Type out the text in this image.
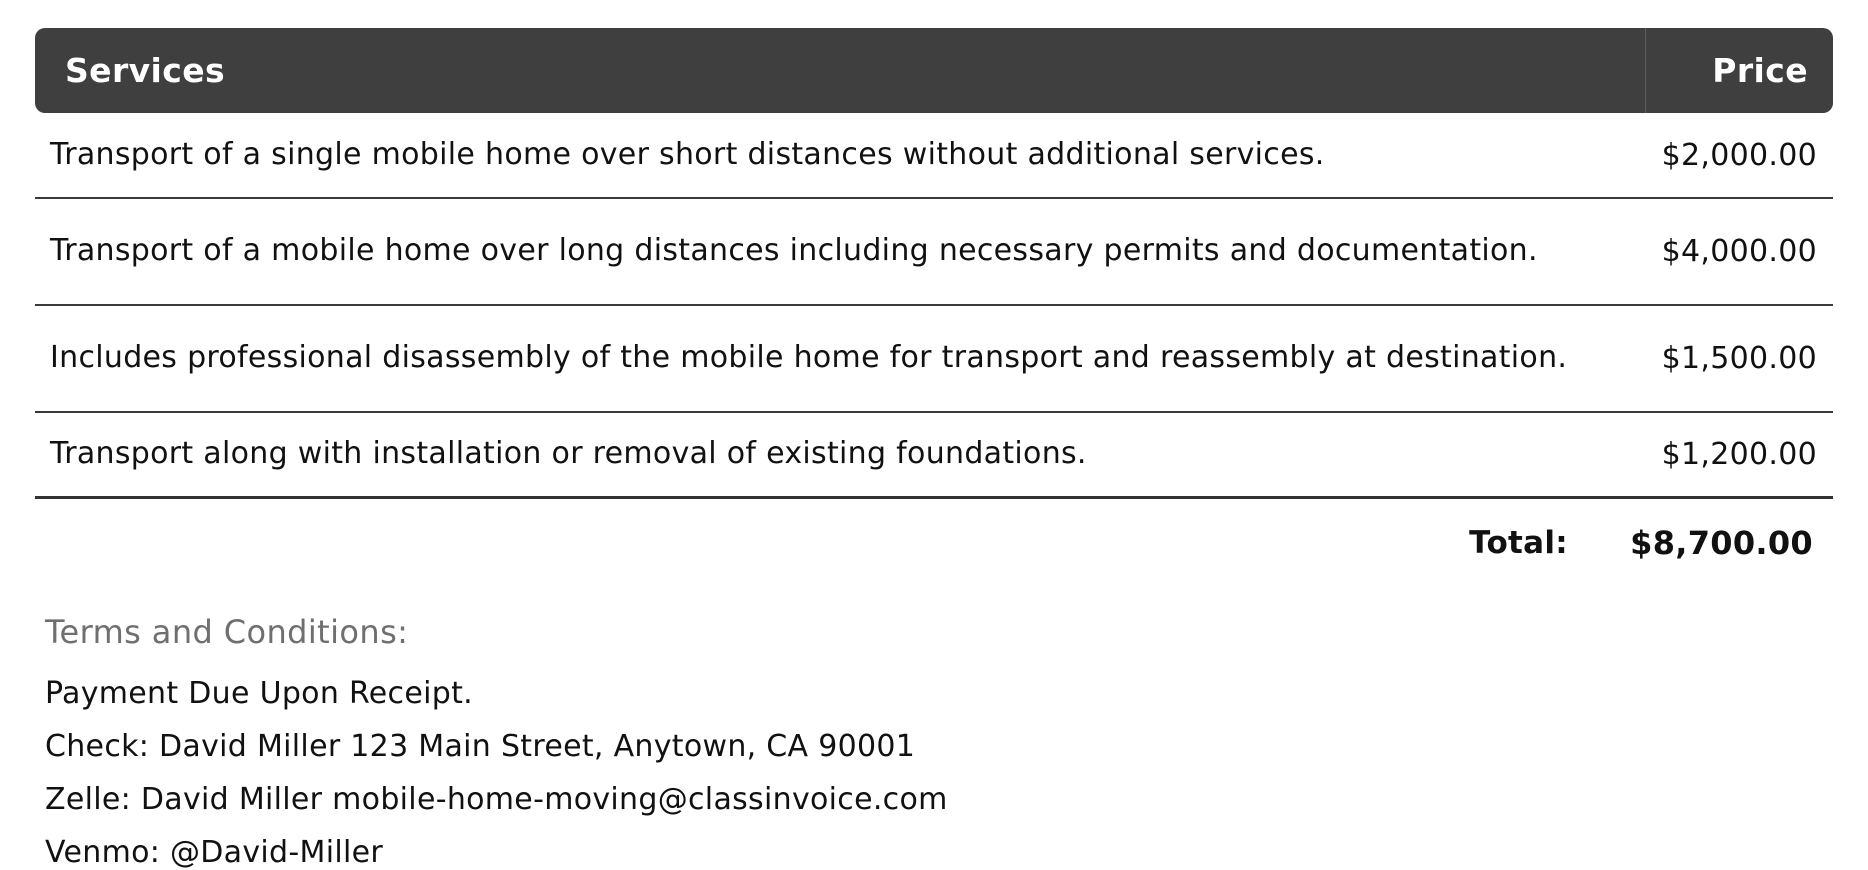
Services	Price
Transport of a single mobile home over short distances without additional services.	$2,000.00
Transport of a mobile home over long distances including necessary permits and documentation.	$4,000.00
Includes professional disassembly of the mobile home for transport and reassembly at destination.	$1,500.00
Transport along with installation or removal of existing foundations.	$1,200.00
Total:	$8,700.00
Terms and Conditions:
Payment Due Upon Receipt.
Check: David Miller 123 Main Street, Anytown, CA 90001
Zelle: David Miller mobile-home-moving@classinvoice.com
Venmo: @David-Miller
